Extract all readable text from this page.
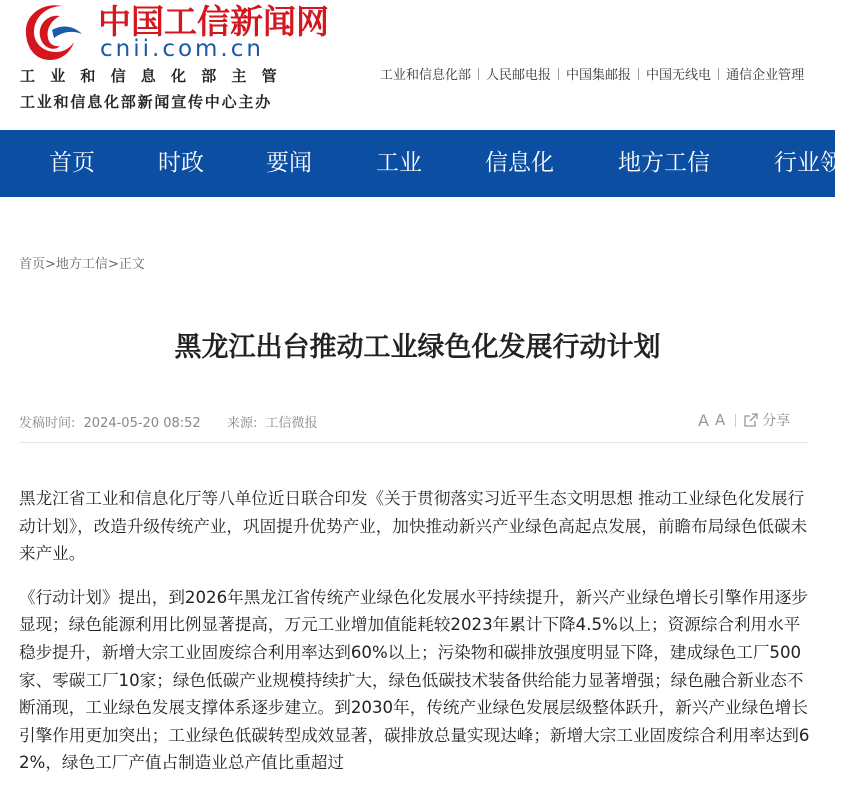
中国工信新闻网
cnii.com.cn
工业和信息化部主管
工业和信息化部新闻宣传中心主办
工业和信息化部 人民邮电报 中国集邮报 中国无线电 通信企业管理
首页	时政	要闻	工业	信息化	地方工信	行业领
首页>地方工信>正文
黑龙江出台推动工业绿色化发展行动计划
发稿时间: 2024-05-20 08:52 来源: 工信微报	A A	分享

黑龙江省工业和信息化厅等八单位近日联合印发《关于贯彻落实习近平生态文明思想 推动工业绿色化发展行动计划》，改造升级传统产业，巩固提升优势产业，加快推动新兴产业绿色高起点发展，前瞻布局绿色低碳未来产业。

《行动计划》提出，到2026年黑龙江省传统产业绿色化发展水平持续提升，新兴产业绿色增长引擎作用逐步显现；绿色能源利用比例显著提高，万元工业增加值能耗较2023年累计下降4.5%以上；资源综合利用水平稳步提升，新增大宗工业固废综合利用率达到60%以上；污染物和碳排放强度明显下降，建成绿色工厂500家、零碳工厂10家；绿色低碳产业规模持续扩大，绿色低碳技术装备供给能力显著增强；绿色融合新业态不断涌现，工业绿色发展支撑体系逐步建立。到2030年，传统产业绿色发展层级整体跃升，新兴产业绿色增长引擎作用更加突出；工业绿色低碳转型成效显著，碳排放总量实现达峰；新增大宗工业固废综合利用率达到62%，绿色工厂产值占制造业总产值比重超过
